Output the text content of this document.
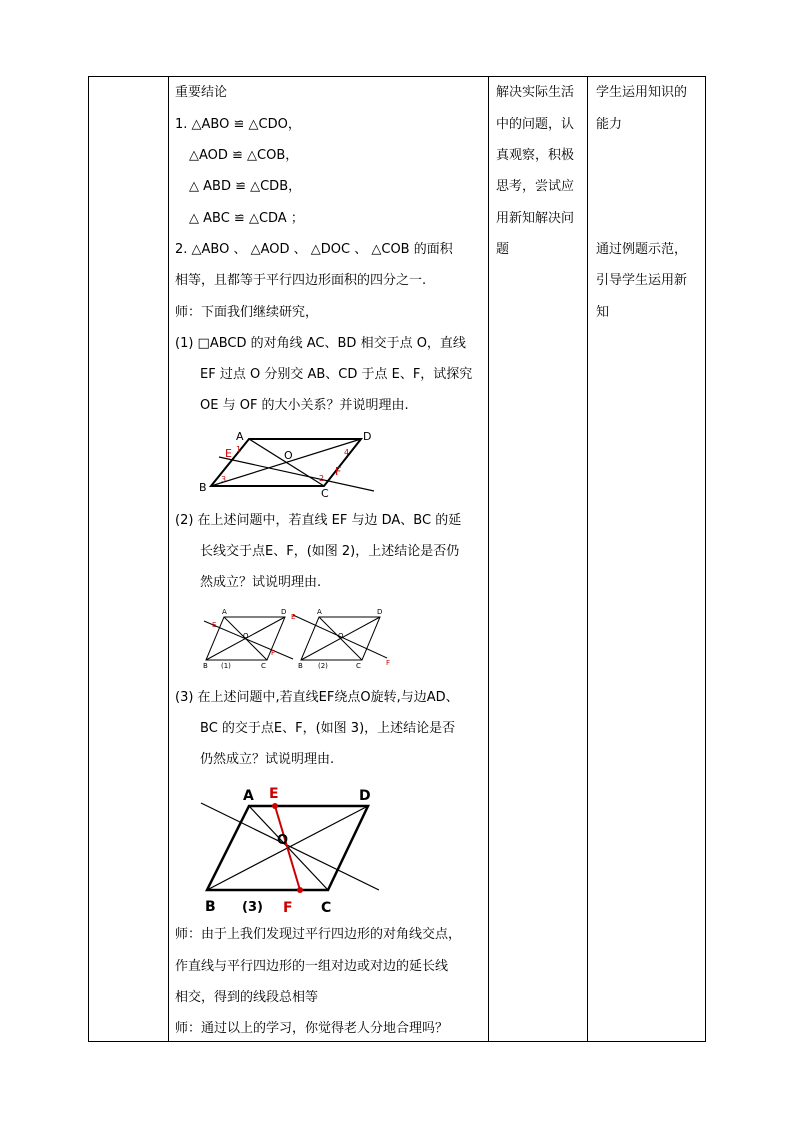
重要结论
1. △ABO ≌ △CDO，
△AOD ≌ △COB，
△ ABD ≌ △CDB，
△ ABC ≌ △CDA ；
2. △ABO 、 △AOD 、 △DOC 、 △COB 的面积
相等，且都等于平行四边形面积的四分之一.
师：下面我们继续研究，
(1) □ABCD 的对角线 AC、BD 相交于点 O，直线
EF 过点 O 分别交 AB、CD 于点 E、F，试探究
OE 与 OF 的大小关系？并说明理由.
A	D
B	C
O
E
F
1
2
3
4
(2) 在上述问题中，若直线 EF 与边 DA、BC 的延
长线交于点E、F，(如图 2)，上述结论是否仍
然成立？试说明理由.
A	D
B	C
O
E
F
(1)
A	D
B	C
O
E
F
(2)
(3) 在上述问题中,若直线EF绕点O旋转,与边AD、
BC 的交于点E、F，(如图 3)，上述结论是否
仍然成立？试说明理由.
A E	D
O
B (3) F C
师：由于上我们发现过平行四边形的对角线交点，
作直线与平行四边形的一组对边或对边的延长线
相交，得到的线段总相等
师：通过以上的学习，你觉得老人分地合理吗？
解决实际生活
中的问题，认
真观察，积极
思考，尝试应
用新知解决问
题
学生运用知识的
能力
通过例题示范，
引导学生运用新
知
